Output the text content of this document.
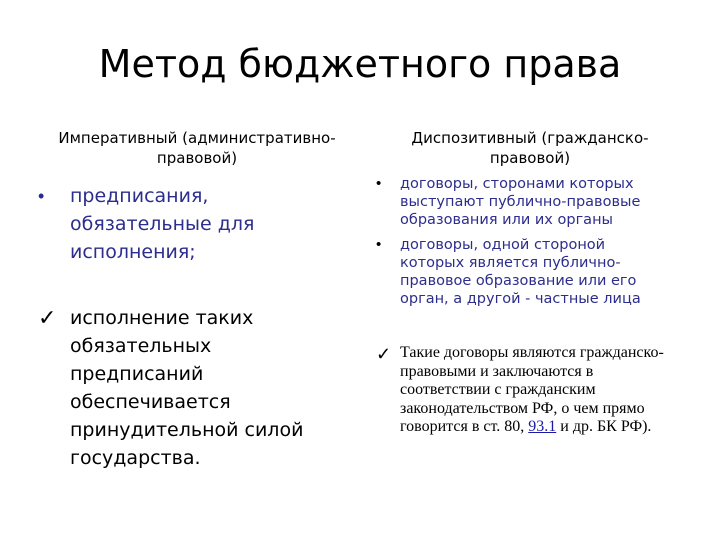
Метод бюджетного права
Императивный (административно-правовой)
Диспозитивный (гражданско-правовой)
• предписания, обязательные для исполнения;
✓ исполнение таких обязательных предписаний обеспечивается принудительной силой государства.
• договоры, сторонами которых выступают публично-правовые образования или их органы
• договоры, одной стороной которых является публично-правовое образование или его орган, а другой - частные лица
✓ Такие договоры являются гражданско-правовыми и заключаются в соответствии с гражданским законодательством РФ, о чем прямо говорится в ст. 80, 93.1 и др. БК РФ).
